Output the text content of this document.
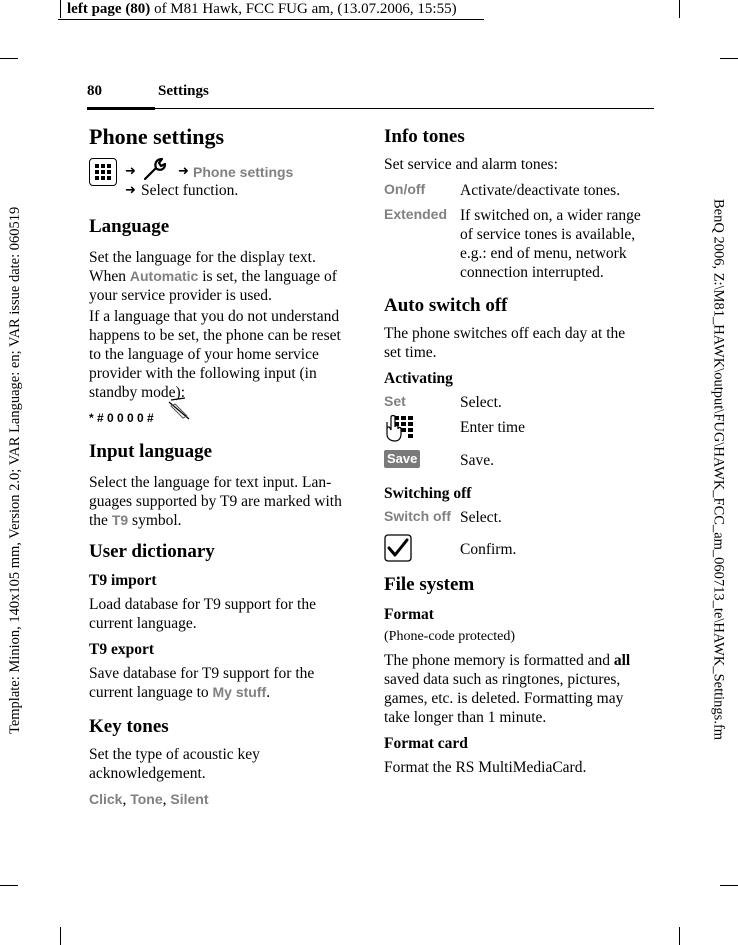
left page (80) of M81 Hawk, FCC FUG am, (13.07.2006, 15:55)
Template: Minion, 140x105 mm, Version 2.0; VAR Language: en; VAR issue date: 060519	BenQ 2006, Z:\M81_HAWK\output\FUG\HAWK_FCC_am_060713_te\HAWK_Settings.fm
80	Settings
Phone settings
➜	➜ Phone settings
➜ Select function.
Language
Set the language for the display text. When Automatic is set, the language of your service provider is used.
If a language that you do not understand happens to be set, the phone can be reset to the language of your home service provider with the following input (in standby mode):
* # 0 0 0 0 #
Input language
Select the language for text input. Lan-guages supported by T9 are marked with the T9 symbol.
User dictionary
T9 import
Load database for T9 support for the current language.
T9 export
Save database for T9 support for the current language to My stuff.
Key tones
Set the type of acoustic key acknowledgement.
Click, Tone, Silent
Info tones
Set service and alarm tones:
On/off Activate/deactivate tones.
Extended If switched on, a wider range of service tones is available, e.g.: end of menu, network connection interrupted.
Auto switch off
The phone switches off each day at the set time.
Activating
Set	Select.
Enter time
Save	Save.
Switching off
Switch off Select.
Confirm.
File system
Format
(Phone-code protected)
The phone memory is formatted and all saved data such as ringtones, pictures, games, etc. is deleted. Formatting may take longer than 1 minute.
Format card
Format the RS MultiMediaCard.
